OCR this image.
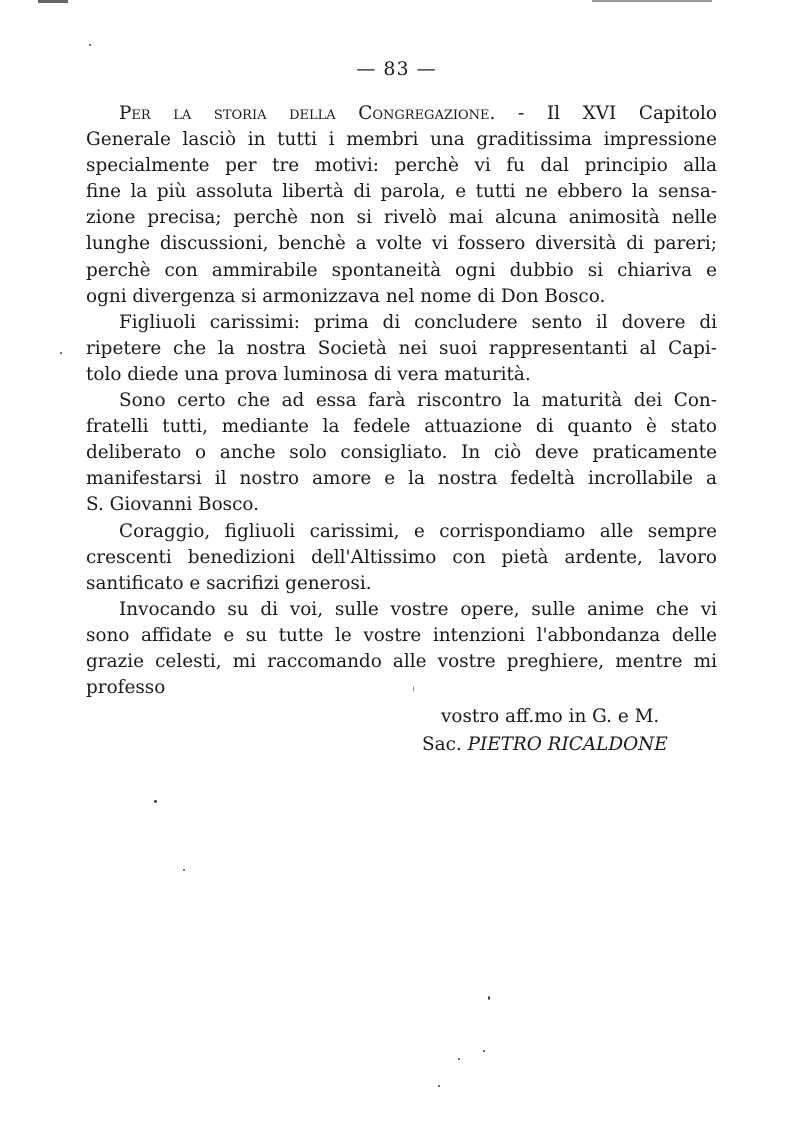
— 83 —
Per la storia della Congregazione. - Il XVI Capitolo
Generale lasciò in tutti i membri una graditissima impressione
specialmente per tre motivi: perchè vi fu dal principio alla
fine la più assoluta libertà di parola, e tutti ne ebbero la sensa-
zione precisa; perchè non si rivelò mai alcuna animosità nelle
lunghe discussioni, benchè a volte vi fossero diversità di pareri;
perchè con ammirabile spontaneità ogni dubbio si chiariva e
ogni divergenza si armonizzava nel nome di Don Bosco.
Figliuoli carissimi: prima di concludere sento il dovere di
ripetere che la nostra Società nei suoi rappresentanti al Capi-
tolo diede una prova luminosa di vera maturità.
Sono certo che ad essa farà riscontro la maturità dei Con-
fratelli tutti, mediante la fedele attuazione di quanto è stato
deliberato o anche solo consigliato. In ciò deve praticamente
manifestarsi il nostro amore e la nostra fedeltà incrollabile a
S. Giovanni Bosco.
Coraggio, figliuoli carissimi, e corrispondiamo alle sempre
crescenti benedizioni dell'Altissimo con pietà ardente, lavoro
santificato e sacrifizi generosi.
Invocando su di voi, sulle vostre opere, sulle anime che vi
sono affidate e su tutte le vostre intenzioni l'abbondanza delle
grazie celesti, mi raccomando alle vostre preghiere, mentre mi
professo
vostro aff.mo in G. e M.
Sac. PIETRO RICALDONE
